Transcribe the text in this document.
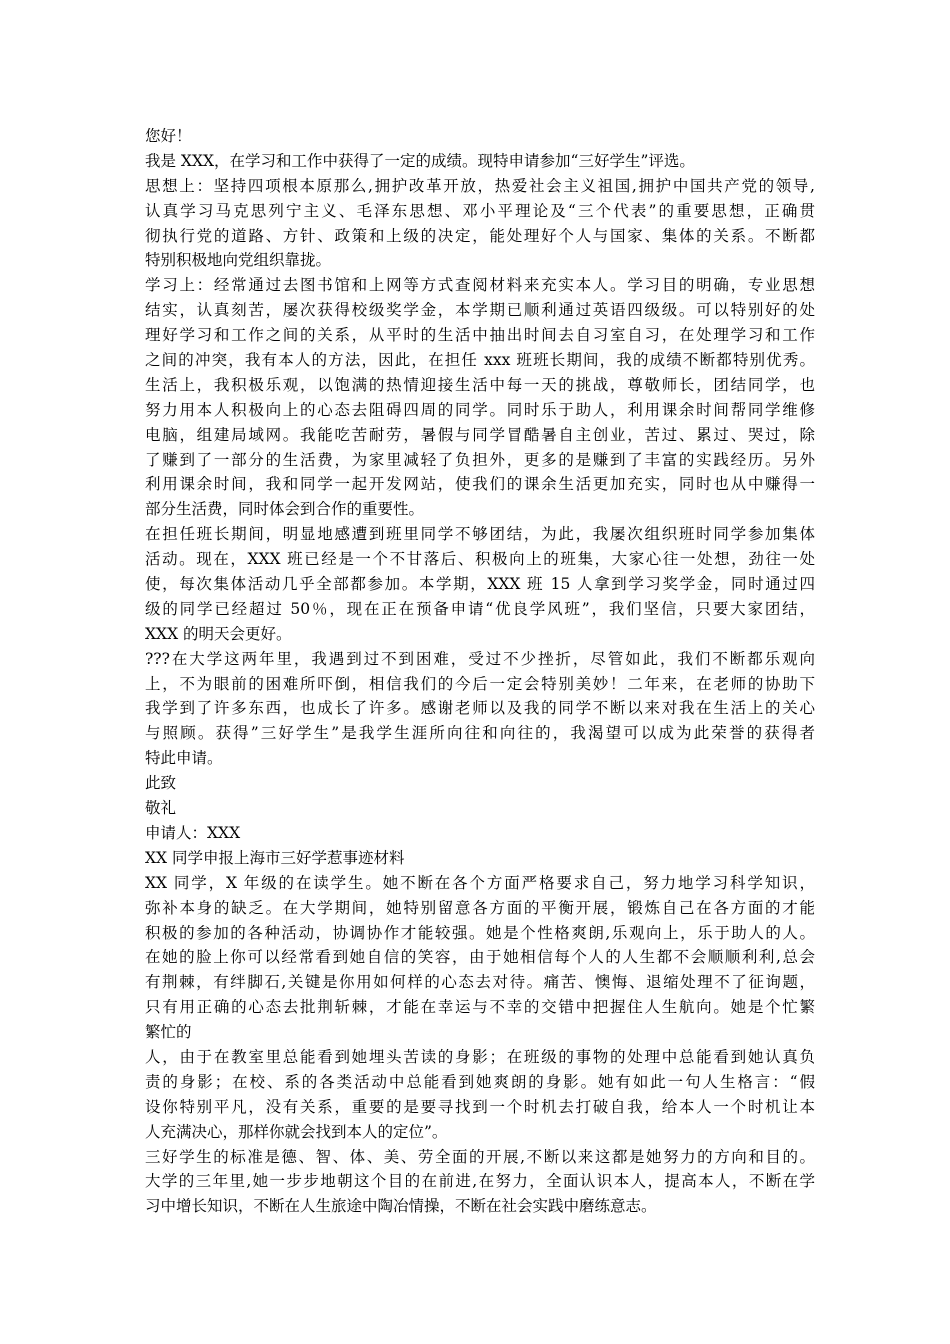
您好！
我是 XXX，在学习和工作中获得了一定的成绩。现特申请参加“三好学生”评选。
思想上：坚持四项根本原那么,拥护改革开放，热爱社会主义祖国,拥护中国共产党的领导,
认真学习马克思列宁主义、毛泽东思想、邓小平理论及“三个代表”的重要思想，正确贯
彻执行党的道路、方针、政策和上级的决定，能处理好个人与国家、集体的关系。不断都
特别积极地向党组织靠拢。
学习上：经常通过去图书馆和上网等方式查阅材料来充实本人。学习目的明确，专业思想
结实，认真刻苦，屡次获得校级奖学金，本学期已顺利通过英语四级级。可以特别好的处
理好学习和工作之间的关系，从平时的生活中抽出时间去自习室自习，在处理学习和工作
之间的冲突，我有本人的方法，因此，在担任 xxx 班班长期间，我的成绩不断都特别优秀。
生活上，我积极乐观，以饱满的热情迎接生活中每一天的挑战，尊敬师长，团结同学，也
努力用本人积极向上的心态去阻碍四周的同学。同时乐于助人，利用课余时间帮同学维修
电脑，组建局域网。我能吃苦耐劳，暑假与同学冒酷暑自主创业，苦过、累过、哭过，除
了赚到了一部分的生活费，为家里减轻了负担外，更多的是赚到了丰富的实践经历。另外
利用课余时间，我和同学一起开发网站，使我们的课余生活更加充实，同时也从中赚得一
部分生活费，同时体会到合作的重要性。
在担任班长期间，明显地感遭到班里同学不够团结，为此，我屡次组织班时同学参加集体
活动。现在，XXX 班已经是一个不甘落后、积极向上的班集，大家心往一处想，劲往一处
使，每次集体活动几乎全部都参加。本学期，XXX 班 15 人拿到学习奖学金，同时通过四
级的同学已经超过 50％，现在正在预备申请“优良学风班”，我们坚信，只要大家团结，
XXX 的明天会更好。
???在大学这两年里，我遇到过不到困难，受过不少挫折，尽管如此，我们不断都乐观向
上，不为眼前的困难所吓倒，相信我们的今后一定会特别美妙！二年来，在老师的协助下
我学到了许多东西，也成长了许多。感谢老师以及我的同学不断以来对我在生活上的关心
与照顾。获得”三好学生”是我学生涯所向往和向往的，我渴望可以成为此荣誉的获得者
特此申请。
此致
敬礼
申请人：XXX
XX 同学申报上海市三好学惹事迹材料
XX 同学，X 年级的在读学生。她不断在各个方面严格要求自己，努力地学习科学知识，
弥补本身的缺乏。在大学期间，她特别留意各方面的平衡开展，锻炼自己在各方面的才能
积极的参加的各种活动，协调协作才能较强。她是个性格爽朗,乐观向上，乐于助人的人。
在她的脸上你可以经常看到她自信的笑容，由于她相信每个人的人生都不会顺顺利利,总会
有荆棘，有绊脚石,关键是你用如何样的心态去对待。痛苦、懊悔、退缩处理不了征询题，
只有用正确的心态去批荆斩棘，才能在幸运与不幸的交错中把握住人生航向。她是个忙繁
繁忙的
人，由于在教室里总能看到她埋头苦读的身影；在班级的事物的处理中总能看到她认真负
责的身影；在校、系的各类活动中总能看到她爽朗的身影。她有如此一句人生格言：“假
设你特别平凡，没有关系，重要的是要寻找到一个时机去打破自我，给本人一个时机让本
人充满决心，那样你就会找到本人的定位”。
三好学生的标准是德、智、体、美、劳全面的开展,不断以来这都是她努力的方向和目的。
大学的三年里,她一步步地朝这个目的在前进,在努力，全面认识本人，提高本人，不断在学
习中增长知识，不断在人生旅途中陶冶情操，不断在社会实践中磨练意志。
